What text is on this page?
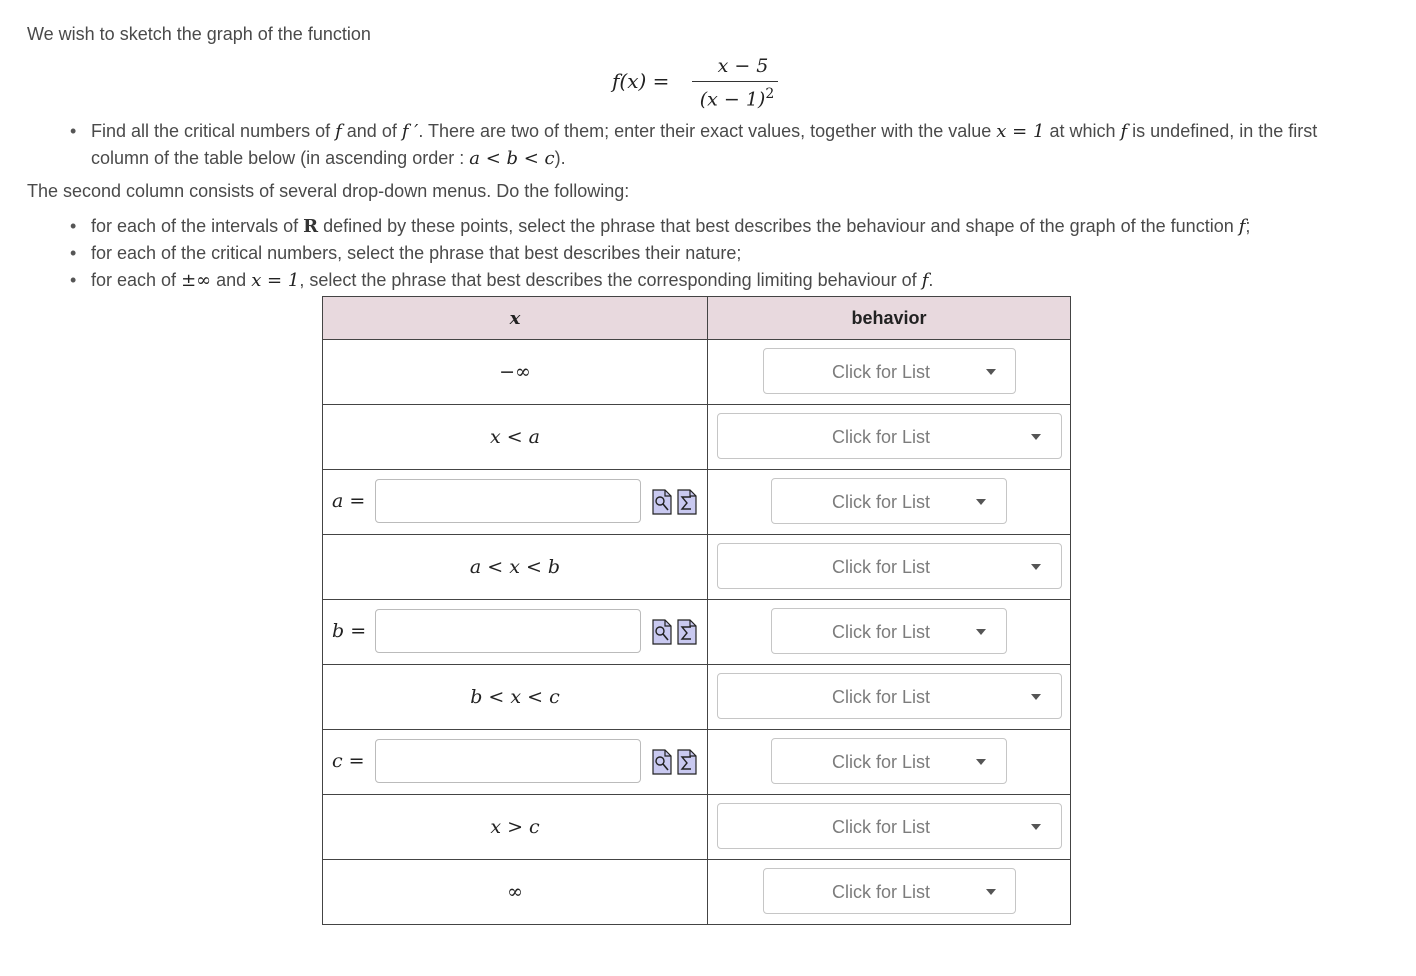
We wish to sketch the graph of the function
f(x) =
x − 5
$(x - 1)^2$
• Find all the critical numbers of f and of f ′. There are two of them; enter their exact values, together with the value x = 1 at which f is undefined, in the first column of the table below (in ascending order : a < b < c).
The second column consists of several drop-down menus. Do the following:
• for each of the intervals of R defined by these points, select the phrase that best describes the behaviour and shape of the graph of the function f;
• for each of the critical numbers, select the phrase that best describes their nature;
• for each of ±∞ and x = 1, select the phrase that best describes the corresponding limiting behaviour of f.
x	behavior
−∞	Click for List

x < a	Click for List

a =	Click for List

a < x < b	Click for List

b =	Click for List

b < x < c	Click for List

c =	Click for List

x > c	Click for List

∞	Click for List
